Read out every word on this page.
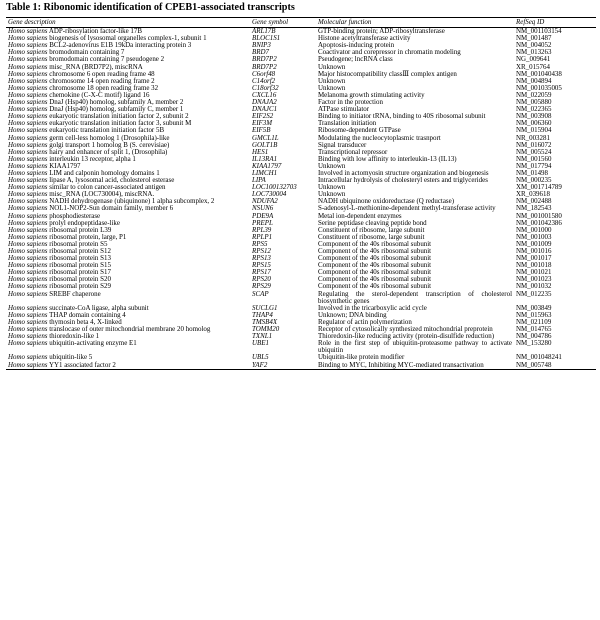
Table 1: Ribonomic identification of CPEB1-associated transcripts
Gene description	Gene symbol	Molecular function	RefSeq ID
Homo sapiens ADP-ribosylation factor-like 17B	ARL17B	GTP-binding protein; ADP-ribosyltransferase	NM_001103154
Homo sapiens biogenesis of lysosomal organelles complex-1, subunit 1	BLOC1S1	Histone acetyltransferase activity	NM_001487
Homo sapiens BCL2-adenovirus E1B 19kDa interacting protein 3	BNIP3	Apoptosis-inducing protein	NM_004052
Homo sapiens bromodomain containing 7	BRD7	Coactivator and corepressor in chromatin modeling	NM_013263
Homo sapiens bromodomain containing 7 pseudogene 2	BRD7P2	Pseudogene; lncRNA class	NG_009641
Homo sapiens misc_RNA (BRD7P2), miscRNA	BRD7P2	Unknown	XR_015764
Homo sapiens chromosome 6 open reading frame 48	C6orf48	Major histocompatibility classⅢ complex antigen	NM_001040438
Homo sapiens chromosome 14 open reading frame 2	C14orf2	Unknown	NM_004894
Homo sapiens chromosome 18 open reading frame 32	C18orf32	Unknown	NM_001035005
Homo sapiens chemokine (C-X-C motif) ligand 16	CXCL16	Melanoma growth stimulating activity	NM_022059
Homo sapiens DnaJ (Hsp40) homolog, subfamily A, member 2	DNAJA2	Factor in the protection	NM_005880
Homo sapiens DnaJ (Hsp40) homolog, subfamily C, member 1	DNAJC1	ATPase stimulator	NM_022365
Homo sapiens eukaryotic translation initiation factor 2, subunit 2	EIF2S2	Binding to initiator tRNA, binding to 40S ribosomal subunit	NM_003908
Homo sapiens eukaryotic translation initiation factor 3, subunit M	EIF3M	Translation initiation	NM_006360
Homo sapiens eukaryotic translation initiation factor 5B	EIF5B	Ribosome-dependent GTPase	NM_015904
Homo sapiens germ cell-less homolog 1 (Drosophila)-like	GMCL1L	Modulating the nucleocytoplasmic trasnport	NR_003281
Homo sapiens golgi transport 1 homolog B (S. cerevisiae)	GOLT1B	Signal transducer	NM_016072
Homo sapiens hairy and enhancer of split 1, (Drosophila)	HES1	Transcriptional repressor	NM_005524
Homo sapiens interleukin 13 receptor, alpha 1	IL13RA1	Binding with low affinity to interleukin-13 (IL13)	NM_001560
Homo sapiens KIAA1797	KIAA1797	Unknown	NM_017794
Homo sapiens LIM and calponin homology domains 1	LIMCH1	Involved in actomyosin structure organization and biogenesis	NM_01498
Homo sapiens lipase A, lysosomal acid, cholesterol esterase	LIPA	Intracellular hydrolysis of cholesteryl esters and triglycerides	NM_000235
Homo sapiens similar to colon cancer-associated antigen	LOC100132703	Unknown	XM_001714789
Homo sapiens misc_RNA (LOC730004), miscRNA.	LOC730004	Unknown	XR_039618
Homo sapiens NADH dehydrogenase (ubiquinone) 1 alpha subcomplex, 2	NDUFA2	NADH ubiquinone oxidoreductase (Q reductase)	NM_002488
Homo sapiens NOL1-NOP2-Sun domain family, member 6	NSUN6	S-adenosyl-L-methionine-dependent methyl-transferase activity	NM_182543
Homo sapiens phosphodiesterase	PDE9A	Metal ion-dependent enzymes	NM_001001580
Homo sapiens prolyl endopeptidase-like	PREPL	Serine peptidase cleaving peptide bond	NM_001042386
Homo sapiens ribosomal protein L39	RPL39	Constituent of ribosome, large subunit	NM_001000
Homo sapiens ribosomal protein, large, P1	RPLP1	Constituent of ribosome, large subunit	NM_001003
Homo sapiens ribosomal protein S5	RPS5	Component of the 40s ribosomal subunit	NM_001009
Homo sapiens ribosomal protein S12	RPS12	Component of the 40s ribosomal subunit	NM_001016
Homo sapiens ribosomal protein S13	RPS13	Component of the 40s ribosomal subunit	NM_001017
Homo sapiens ribosomal protein S15	RPS15	Component of the 40s ribosomal subunit	NM_001018
Homo sapiens ribosomal protein S17	RPS17	Component of the 40s ribosomal subunit	NM_001021
Homo sapiens ribosomal protein S20	RPS20	Component of the 40s ribosomal subunit	NM_001023
Homo sapiens ribosomal protein S29	RPS29	Component of the 40s ribosomal subunit	NM_001032
Homo sapiens SREBF chaperone	SCAP	Regulating the sterol-dependent transcription of cholesterol biosynthetic genes	NM_012235
Homo sapiens succinate-CoA ligase, alpha subunit	SUCLG1	Involved in the tricarboxylic acid cycle	NM_003849
Homo sapiens THAP domain containing 4	THAP4	Unknown; DNA binding	NM_015963
Homo sapiens thymosin beta 4, X-linked	TMSB4X	Regulator of actin polymerization	NM_021109
Homo sapiens translocase of outer mitochondrial membrane 20 homolog	TOMM20	Receptor of cytosolically synthesized mitochondrial preprotein	NM_014765
Homo sapiens thioredoxin-like 1	TXNL1	Thioredoxin-like reducing activity (protein-disulfide reduction)	NM_004786
Homo sapiens ubiquitin-activating enzyme E1	UBE1	Role in the first step of ubiquitin-proteasome pathway to activate ubiquitin	NM_153280
Homo sapiens ubiquitin-like 5	UBL5	Ubiquitin-like protein modifier	NM_001048241
Homo sapiens YY1 associated factor 2	YAF2	Binding to MYC, Inhibiting MYC-mediated transactivation	NM_005748
